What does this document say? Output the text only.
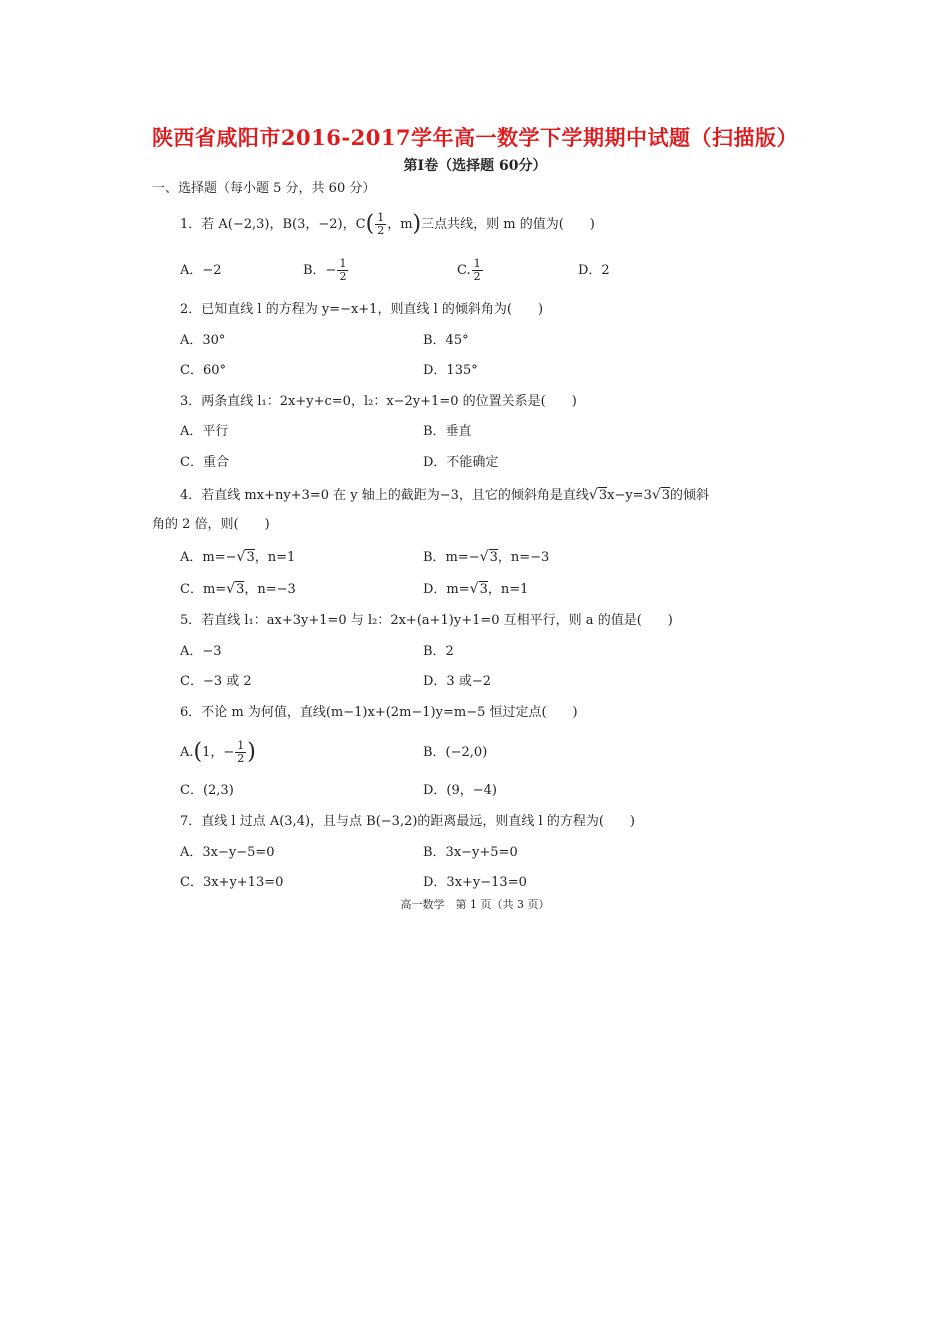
陕西省咸阳市2016-2017学年高一数学下学期期中试题（扫描版）
第Ⅰ卷（选择题 60分）
一、选择题（每小题 5 分，共 60 分）
1．若 A(−2,3)，B(3，−2)，$C( \frac{1}{2}$ ，m)三点共线，则 m 的值为(　　)
A．−2	B．− $\frac{1}{2}$	C. $\frac{1}{2}$	D．2
2．已知直线 l 的方程为 y=−x+1，则直线 l 的倾斜角为(　　)
A．30°	B．45°
C．60°	D．135°
3．两条直线 l₁：2x+y+c=0，l₂：x−2y+1=0 的位置关系是(　　)
A．平行	B．垂直
C．重合	D．不能确定
4．若直线 mx+ny+3=0 在 y 轴上的截距为−3，且它的倾斜角是直线√3x−y=3√3的倾斜
角的 2 倍，则(　　)
A．m=−√3，n=1	B．m=−√3，n=−3
C．m=√3，n=−3	D．m=√3，n=1
5．若直线 l₁：ax+3y+1=0 与 l₂：2x+(a+1)y+1=0 互相平行，则 a 的值是(　　)
A．−3	B．2
C．−3 或 2	D．3 或−2
6．不论 m 为何值，直线(m−1)x+(2m−1)y=m−5 恒过定点(　　)
A.(1，− $\frac{1}{2}$ )	B．(−2,0)
C．(2,3)	D．(9，−4)
7．直线 l 过点 A(3,4)，且与点 B(−3,2)的距离最远，则直线 l 的方程为(　　)
A．3x−y−5=0	B．3x−y+5=0
C．3x+y+13=0	D．3x+y−13=0
高一数学　第 1 页（共 3 页）
